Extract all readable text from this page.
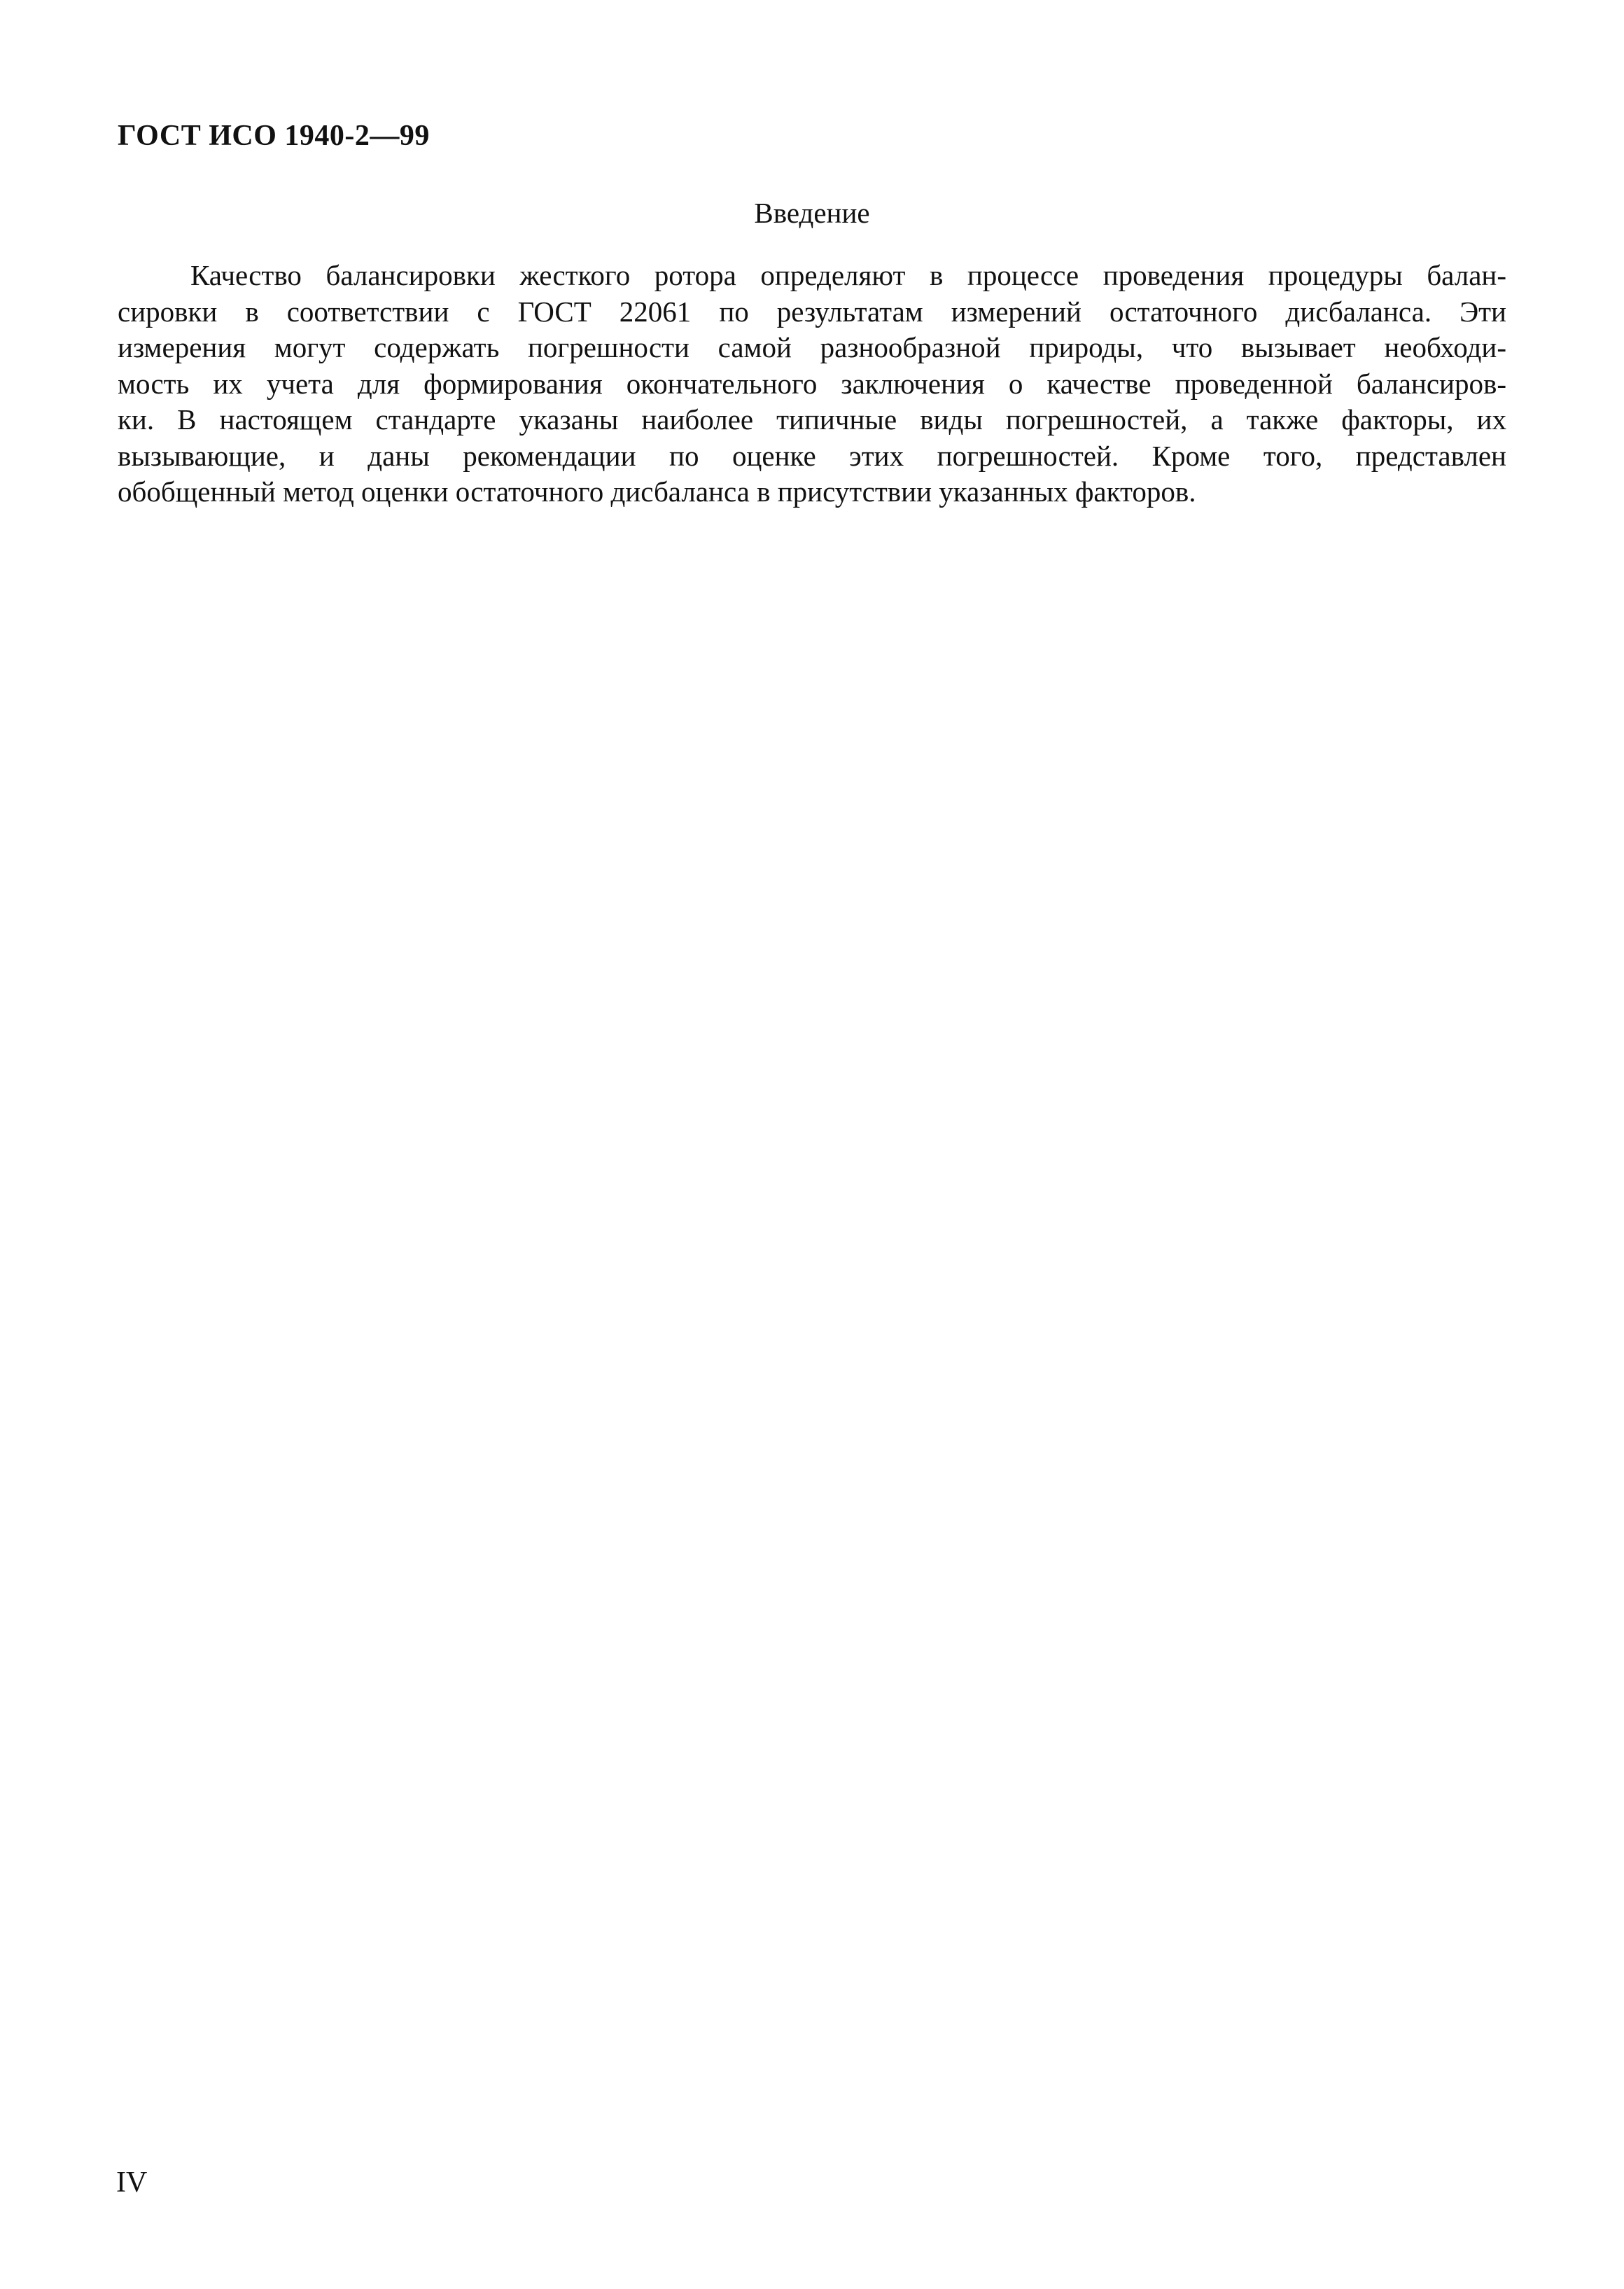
ГОСТ ИСО 1940-2—99
Введение
Качество балансировки жесткого ротора определяют в процессе проведения процедуры балан-
сировки в соответствии с ГОСТ 22061 по результатам измерений остаточного дисбаланса. Эти
измерения могут содержать погрешности самой разнообразной природы, что вызывает необходи-
мость их учета для формирования окончательного заключения о качестве проведенной балансиров-
ки. В настоящем стандарте указаны наиболее типичные виды погрешностей, а также факторы, их
вызывающие, и даны рекомендации по оценке этих погрешностей. Кроме того, представлен
обобщенный метод оценки остаточного дисбаланса в присутствии указанных факторов.
IV
